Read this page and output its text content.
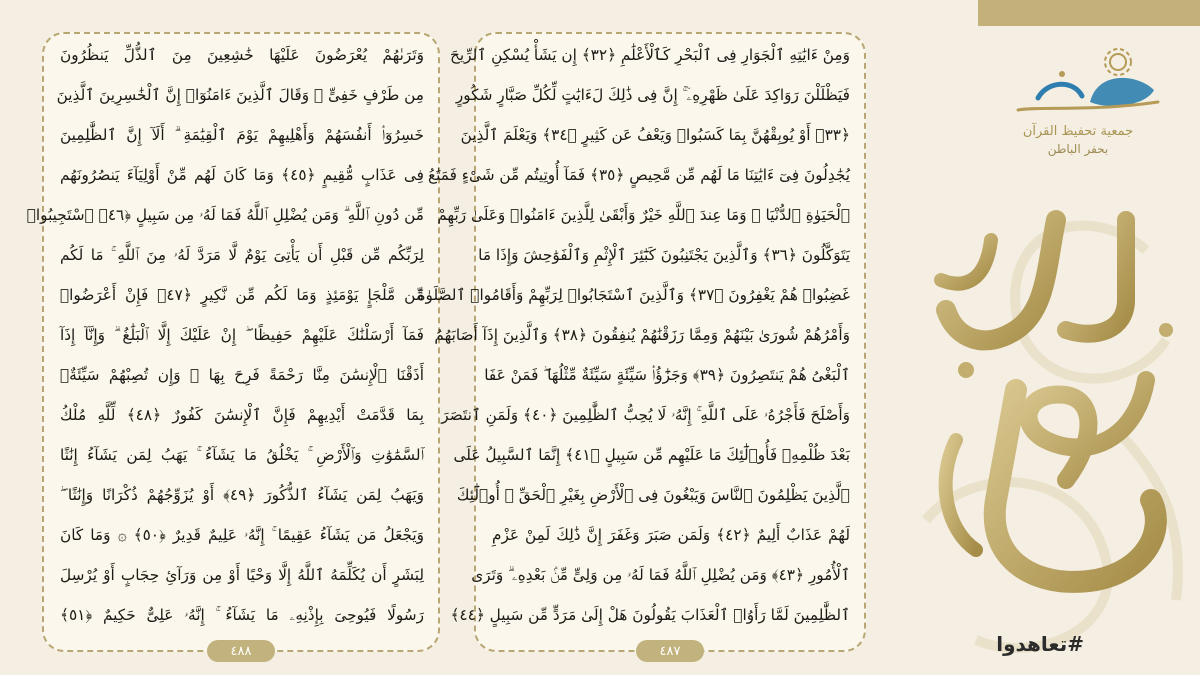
وَتَرَىٰهُمْ يُعْرَضُونَ عَلَيْهَا خَٰشِعِينَ مِنَ ٱلذُّلِّ يَنظُرُونَ
مِن طَرْفٍ خَفِىٍّ ۗ وَقَالَ ٱلَّذِينَ ءَامَنُوٓا۟ إِنَّ ٱلْخَٰسِرِينَ ٱلَّذِينَ
خَسِرُوٓا۟ أَنفُسَهُمْ وَأَهْلِيهِمْ يَوْمَ ٱلْقِيَٰمَةِ ۗ أَلَآ إِنَّ ٱلظَّٰلِمِينَ
فِى عَذَابٍ مُّقِيمٍ ﴿٤٥﴾ وَمَا كَانَ لَهُم مِّنْ أَوْلِيَآءَ يَنصُرُونَهُم
مِّن دُونِ ٱللَّهِ ۗ وَمَن يُضْلِلِ ٱللَّهُ فَمَا لَهُۥ مِن سَبِيلٍ ﴿٤٦﴾ ٱسْتَجِيبُوا۟
لِرَبِّكُم مِّن قَبْلِ أَن يَأْتِىَ يَوْمٌ لَّا مَرَدَّ لَهُۥ مِنَ ٱللَّهِ ۚ مَا لَكُم
مِّن مَّلْجَإٍ يَوْمَئِذٍ وَمَا لَكُم مِّن نَّكِيرٍ ﴿٤٧﴾ فَإِنْ أَعْرَضُوا۟
فَمَآ أَرْسَلْنَٰكَ عَلَيْهِمْ حَفِيظًا ۖ إِنْ عَلَيْكَ إِلَّا ٱلْبَلَٰغُ ۗ وَإِنَّآ إِذَآ
أَذَقْنَا ٱلْإِنسَٰنَ مِنَّا رَحْمَةً فَرِحَ بِهَا ۖ وَإِن تُصِبْهُمْ سَيِّئَةٌۢ
بِمَا قَدَّمَتْ أَيْدِيهِمْ فَإِنَّ ٱلْإِنسَٰنَ كَفُورٌ ﴿٤٨﴾ لِّلَّهِ مُلْكُ
ٱلسَّمَٰوَٰتِ وَٱلْأَرْضِ ۚ يَخْلُقُ مَا يَشَآءُ ۚ يَهَبُ لِمَن يَشَآءُ إِنَٰثًا
وَيَهَبُ لِمَن يَشَآءُ ٱلذُّكُورَ ﴿٤٩﴾ أَوْ يُزَوِّجُهُمْ ذُكْرَانًا وَإِنَٰثًا ۖ
وَيَجْعَلُ مَن يَشَآءُ عَقِيمًا ۚ إِنَّهُۥ عَلِيمٌ قَدِيرٌ ﴿٥٠﴾ ۞ وَمَا كَانَ
لِبَشَرٍ أَن يُكَلِّمَهُ ٱللَّهُ إِلَّا وَحْيًا أَوْ مِن وَرَآئِ حِجَابٍ أَوْ يُرْسِلَ
رَسُولًا فَيُوحِىَ بِإِذْنِهِۦ مَا يَشَآءُ ۚ إِنَّهُۥ عَلِىٌّ حَكِيمٌ ﴿٥١﴾
٤٨٨
وَمِنْ ءَايَٰتِهِ ٱلْجَوَارِ فِى ٱلْبَحْرِ كَٱلْأَعْلَٰمِ ﴿٣٢﴾ إِن يَشَأْ يُسْكِنِ ٱلرِّيحَ
فَيَظْلَلْنَ رَوَاكِدَ عَلَىٰ ظَهْرِهِۦٓ ۚ إِنَّ فِى ذَٰلِكَ لَءَايَٰتٍ لِّكُلِّ صَبَّارٍ شَكُورٍ
﴿٣٣﴾ أَوْ يُوبِقْهُنَّ بِمَا كَسَبُوا۟ وَيَعْفُ عَن كَثِيرٍ ﴿٣٤﴾ وَيَعْلَمَ ٱلَّذِينَ
يُجَٰدِلُونَ فِىٓ ءَايَٰتِنَا مَا لَهُم مِّن مَّحِيصٍ ﴿٣٥﴾ فَمَآ أُوتِيتُم مِّن شَىْءٍ فَمَتَٰعُ
ٱلْحَيَوٰةِ ٱلدُّنْيَا ۖ وَمَا عِندَ ٱللَّهِ خَيْرٌ وَأَبْقَىٰ لِلَّذِينَ ءَامَنُوا۟ وَعَلَىٰ رَبِّهِمْ
يَتَوَكَّلُونَ ﴿٣٦﴾ وَٱلَّذِينَ يَجْتَنِبُونَ كَبَٰٓئِرَ ٱلْإِثْمِ وَٱلْفَوَٰحِشَ وَإِذَا مَا
غَضِبُوا۟ هُمْ يَغْفِرُونَ ﴿٣٧﴾ وَٱلَّذِينَ ٱسْتَجَابُوا۟ لِرَبِّهِمْ وَأَقَامُوا۟ ٱلصَّلَوٰةَ
وَأَمْرُهُمْ شُورَىٰ بَيْنَهُمْ وَمِمَّا رَزَقْنَٰهُمْ يُنفِقُونَ ﴿٣٨﴾ وَٱلَّذِينَ إِذَآ أَصَابَهُمُ
ٱلْبَغْىُ هُمْ يَنتَصِرُونَ ﴿٣٩﴾ وَجَزَٰٓؤُا۟ سَيِّئَةٍ سَيِّئَةٌ مِّثْلُهَا ۖ فَمَنْ عَفَا
وَأَصْلَحَ فَأَجْرُهُۥ عَلَى ٱللَّهِ ۚ إِنَّهُۥ لَا يُحِبُّ ٱلظَّٰلِمِينَ ﴿٤٠﴾ وَلَمَنِ ٱنتَصَرَ
بَعْدَ ظُلْمِهِۦ فَأُو۟لَٰٓئِكَ مَا عَلَيْهِم مِّن سَبِيلٍ ﴿٤١﴾ إِنَّمَا ٱلسَّبِيلُ عَلَى
ٱلَّذِينَ يَظْلِمُونَ ٱلنَّاسَ وَيَبْغُونَ فِى ٱلْأَرْضِ بِغَيْرِ ٱلْحَقِّ ۚ أُو۟لَٰٓئِكَ
لَهُمْ عَذَابٌ أَلِيمٌ ﴿٤٢﴾ وَلَمَن صَبَرَ وَغَفَرَ إِنَّ ذَٰلِكَ لَمِنْ عَزْمِ
ٱلْأُمُورِ ﴿٤٣﴾ وَمَن يُضْلِلِ ٱللَّهُ فَمَا لَهُۥ مِن وَلِىٍّ مِّنۢ بَعْدِهِۦ ۗ وَتَرَى
ٱلظَّٰلِمِينَ لَمَّا رَأَوُا۟ ٱلْعَذَابَ يَقُولُونَ هَلْ إِلَىٰ مَرَدٍّ مِّن سَبِيلٍ ﴿٤٤﴾
٤٨٧
جمعية تحفيظ القرآن
بحفر الباطن
#تعاهدوا
